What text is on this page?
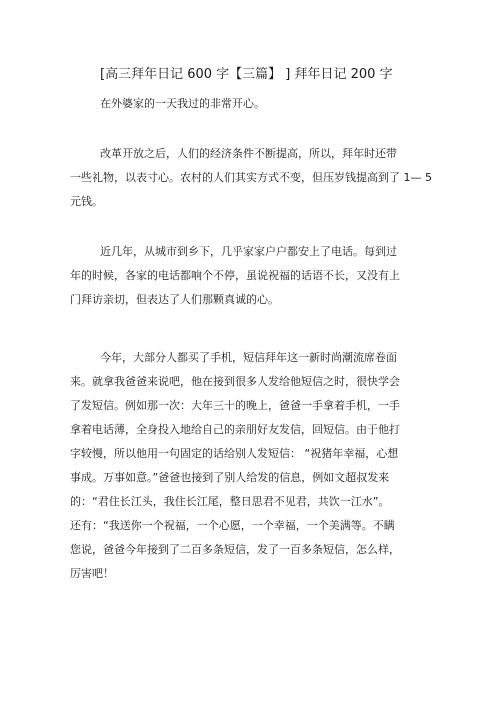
[高三拜年日记 600 字【三篇】 ] 拜年日记 200 字
在外婆家的一天我过的非常开心。
改革开放之后，人们的经济条件不断提高，所以，拜年时还带
一些礼物，以表寸心。农村的人们其实方式不变，但压岁钱提高到了 1— 5
元钱。
近几年，从城市到乡下，几乎家家户户都安上了电话。每到过
年的时候，各家的电话都响个不停，虽说祝福的话语不长，又没有上
门拜访亲切，但表达了人们那颗真诚的心。
今年，大部分人都买了手机，短信拜年这一新时尚潮流席卷面
来。就拿我爸爸来说吧，他在接到很多人发给他短信之时，很快学会
了发短信。例如那一次：大年三十的晚上，爸爸一手拿着手机，一手
拿着电话薄，全身投入地给自己的亲朋好友发信，回短信。由于他打
字较慢，所以他用一句固定的话给别人发短信： “祝猪年幸福，心想
事成。万事如意。”爸爸也接到了别人给发的信息，例如文超叔发来
的：“君住长江头，我住长江尾，整日思君不见君，共饮一江水”。
还有：“我送你一个祝福，一个心愿，一个幸福，一个美满等。不瞒
您说，爸爸今年接到了二百多条短信，发了一百多条短信，怎么样，
厉害吧！
